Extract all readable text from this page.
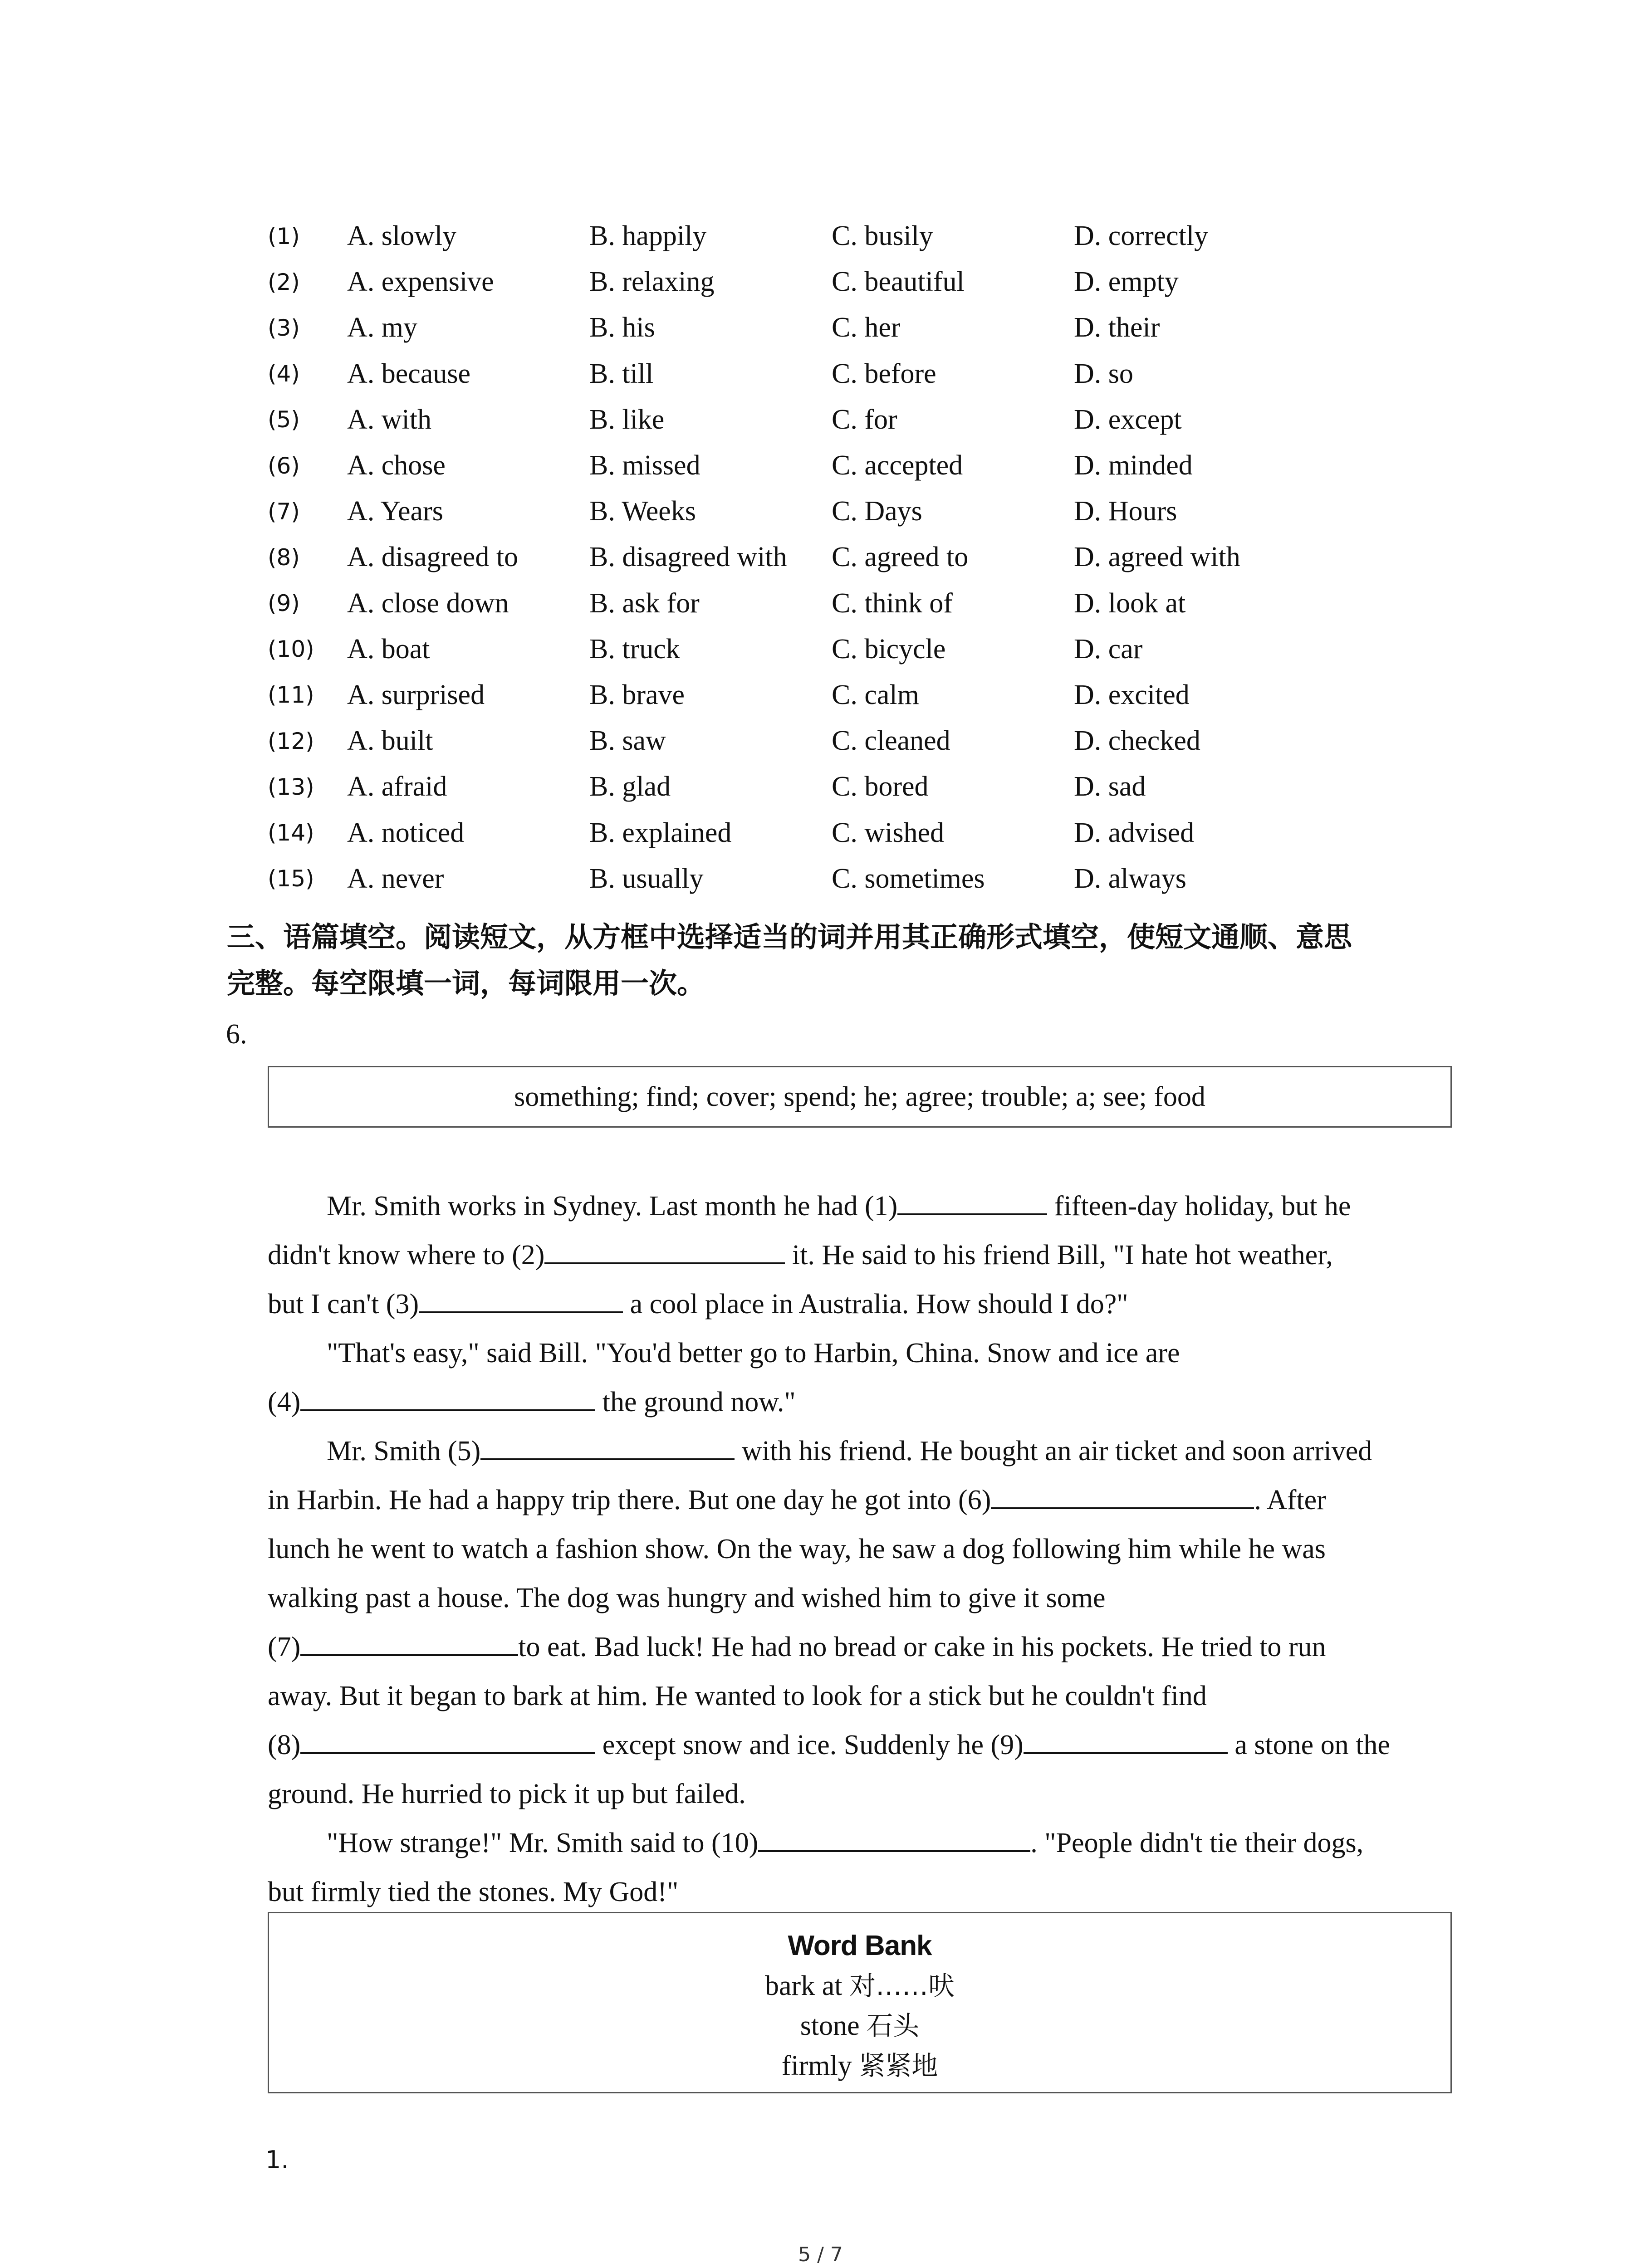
(1)	A. slowly	B. happily	C. busily	D. correctly
(2)	A. expensive	B. relaxing	C. beautiful	D. empty
(3)	A. my	B. his	C. her	D. their
(4)	A. because	B. till	C. before	D. so
(5)	A. with	B. like	C. for	D. except
(6)	A. chose	B. missed	C. accepted	D. minded
(7)	A. Years	B. Weeks	C. Days	D. Hours
(8)	A. disagreed to	B. disagreed with	C. agreed to	D. agreed with
(9)	A. close down	B. ask for	C. think of	D. look at
(10)	A. boat	B. truck	C. bicycle	D. car
(11)	A. surprised	B. brave	C. calm	D. excited
(12)	A. built	B. saw	C. cleaned	D. checked
(13)	A. afraid	B. glad	C. bored	D. sad
(14)	A. noticed	B. explained	C. wished	D. advised
(15)	A. never	B. usually	C. sometimes	D. always
三、语篇填空。阅读短文，从方框中选择适当的词并用其正确形式填空，使短文通顺、意思
完整。每空限填一词，每词限用一次。
6.
something; find; cover; spend; he; agree; trouble; a; see; food
Mr. Smith works in Sydney. Last month he had (1)	fifteen-day holiday, but he
didn't know where to (2)	it. He said to his friend Bill, "I hate hot weather,
but I can't (3)	a cool place in Australia. How should I do?"
"That's easy," said Bill. "You'd better go to Harbin, China. Snow and ice are
(4)	the ground now."
Mr. Smith (5)	with his friend. He bought an air ticket and soon arrived
in Harbin. He had a happy trip there. But one day he got into (6)	. After
lunch he went to watch a fashion show. On the way, he saw a dog following him while he was
walking past a house. The dog was hungry and wished him to give it some
(7)	to eat. Bad luck! He had no bread or cake in his pockets. He tried to run
away. But it began to bark at him. He wanted to look for a stick but he couldn't find
(8)	except snow and ice. Suddenly he (9)	a stone on the
ground. He hurried to pick it up but failed.
"How strange!" Mr. Smith said to (10)	. "People didn't tie their dogs,
but firmly tied the stones. My God!"
Word Bank
bark at 对……吠
stone 石头
firmly 紧紧地
1.
5 / 7
